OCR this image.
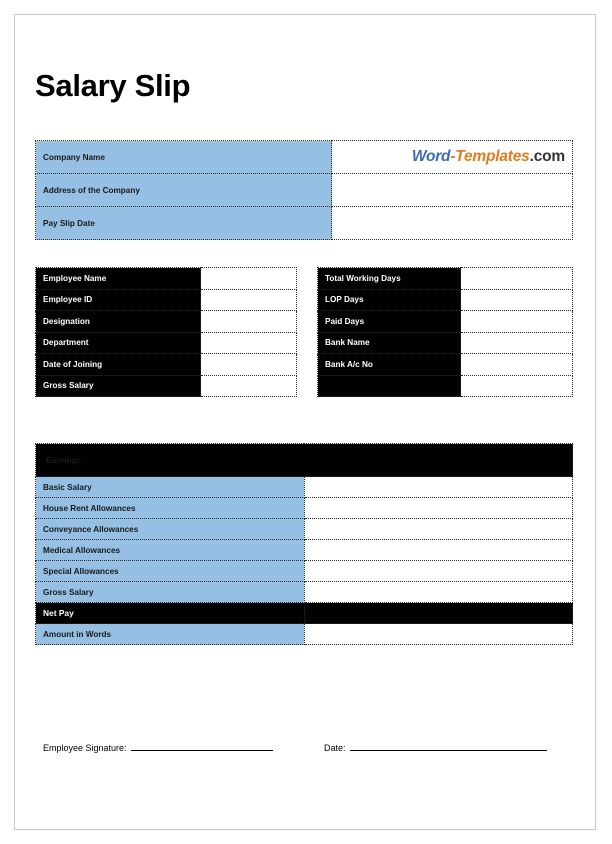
Salary Slip
Company Name	Word-Templates.com
Address of the Company	
Pay Slip Date	
Employee Name	
Employee ID	
Designation	
Department	
Date of Joining	
Gross Salary	
Total Working Days	
LOP Days	
Paid Days	
Bank Name	
Bank A/c No	

Earnings	
Basic Salary	
House Rent Allowances	
Conveyance Allowances	
Medical Allowances	
Special Allowances	
Gross Salary	
Net Pay	
Amount in Words	
Employee Signature:	Date:
